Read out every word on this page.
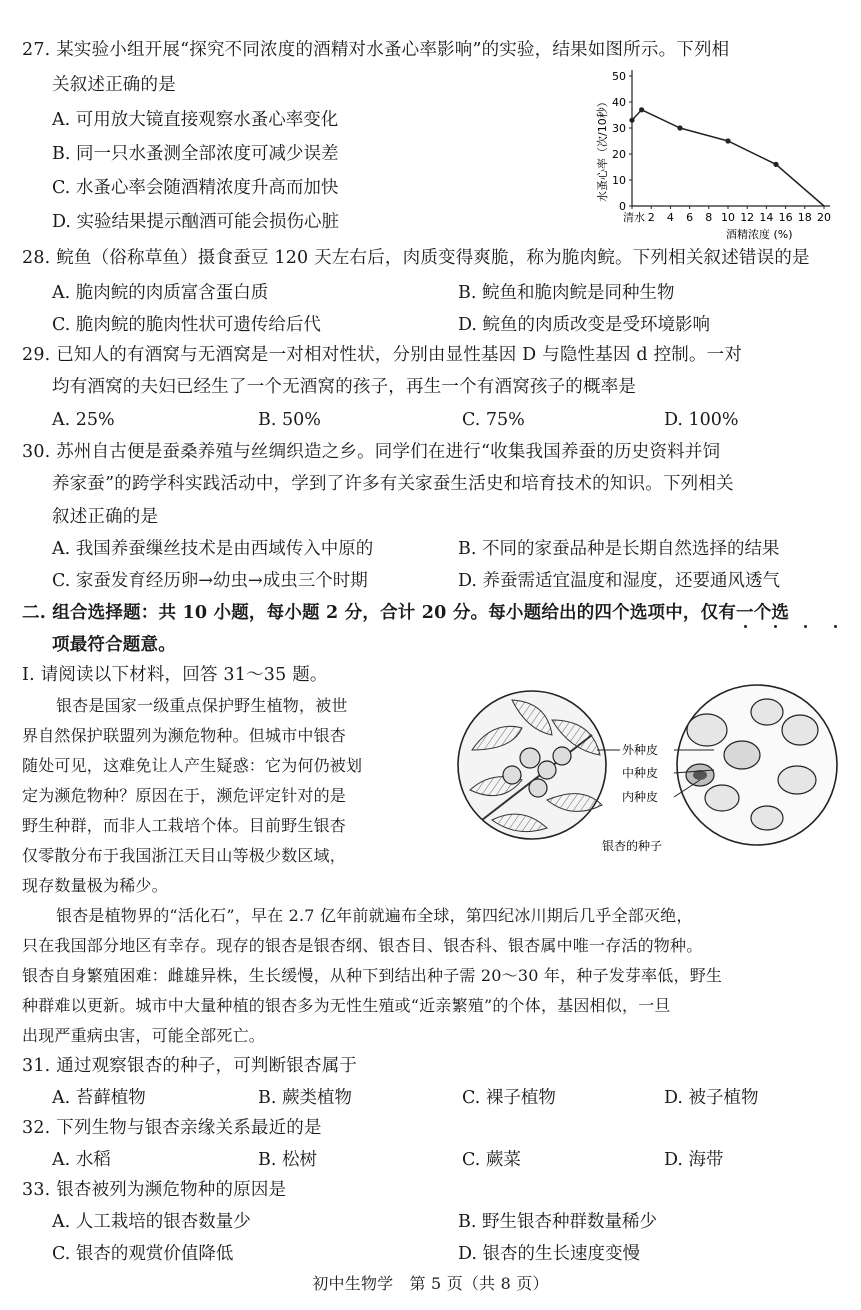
27. 某实验小组开展“探究不同浓度的酒精对水蚤心率影响”的实验，结果如图所示。下列相
关叙述正确的是
A. 可用放大镜直接观察水蚤心率变化
B. 同一只水蚤测全部浓度可减少误差
C. 水蚤心率会随酒精浓度升高而加快
D. 实验结果提示酗酒可能会损伤心脏
0
10
20
30
40
50
清水 2 4 6 8 10 12 14 16 18 20
水蚤心率（次/10秒）
酒精浓度 (%)
28. 鲩鱼（俗称草鱼）摄食蚕豆 120 天左右后，肉质变得爽脆，称为脆肉鲩。下列相关叙述错误的是
A. 脆肉鲩的肉质富含蛋白质	B. 鲩鱼和脆肉鲩是同种生物
C. 脆肉鲩的脆肉性状可遗传给后代	D. 鲩鱼的肉质改变是受环境影响
29. 已知人的有酒窝与无酒窝是一对相对性状，分别由显性基因 D 与隐性基因 d 控制。一对
均有酒窝的夫妇已经生了一个无酒窝的孩子，再生一个有酒窝孩子的概率是
A. 25%	B. 50%	C. 75%	D. 100%
30. 苏州自古便是蚕桑养殖与丝绸织造之乡。同学们在进行“收集我国养蚕的历史资料并饲
养家蚕”的跨学科实践活动中，学到了许多有关家蚕生活史和培育技术的知识。下列相关
叙述正确的是
A. 我国养蚕缫丝技术是由西域传入中原的	B. 不同的家蚕品种是长期自然选择的结果
C. 家蚕发育经历卵→幼虫→成虫三个时期	D. 养蚕需适宜温度和湿度，还要通风透气
二. 组合选择题：共 10 小题，每小题 2 分，合计 20 分。每小题给出的四个选项中，仅有一个选
项最符合题意。
Ⅰ. 请阅读以下材料，回答 31～35 题。
银杏是国家一级重点保护野生植物，被世
界自然保护联盟列为濒危物种。但城市中银杏
随处可见，这难免让人产生疑惑：它为何仍被划
定为濒危物种？原因在于，濒危评定针对的是
野生种群，而非人工栽培个体。目前野生银杏
仅零散分布于我国浙江天目山等极少数区域，
现存数量极为稀少。
外种皮
中种皮
内种皮
银杏的种子
银杏是植物界的“活化石”，早在 2.7 亿年前就遍布全球，第四纪冰川期后几乎全部灭绝，
只在我国部分地区有幸存。现存的银杏是银杏纲、银杏目、银杏科、银杏属中唯一存活的物种。
银杏自身繁殖困难：雌雄异株，生长缓慢，从种下到结出种子需 20～30 年，种子发芽率低，野生
种群难以更新。城市中大量种植的银杏多为无性生殖或“近亲繁殖”的个体，基因相似，一旦
出现严重病虫害，可能全部死亡。
31. 通过观察银杏的种子，可判断银杏属于
A. 苔藓植物	B. 蕨类植物	C. 裸子植物	D. 被子植物
32. 下列生物与银杏亲缘关系最近的是
A. 水稻	B. 松树	C. 蕨菜	D. 海带
33. 银杏被列为濒危物种的原因是
A. 人工栽培的银杏数量少	B. 野生银杏种群数量稀少
C. 银杏的观赏价值降低	D. 银杏的生长速度变慢
初中生物学　第 5 页（共 8 页）
